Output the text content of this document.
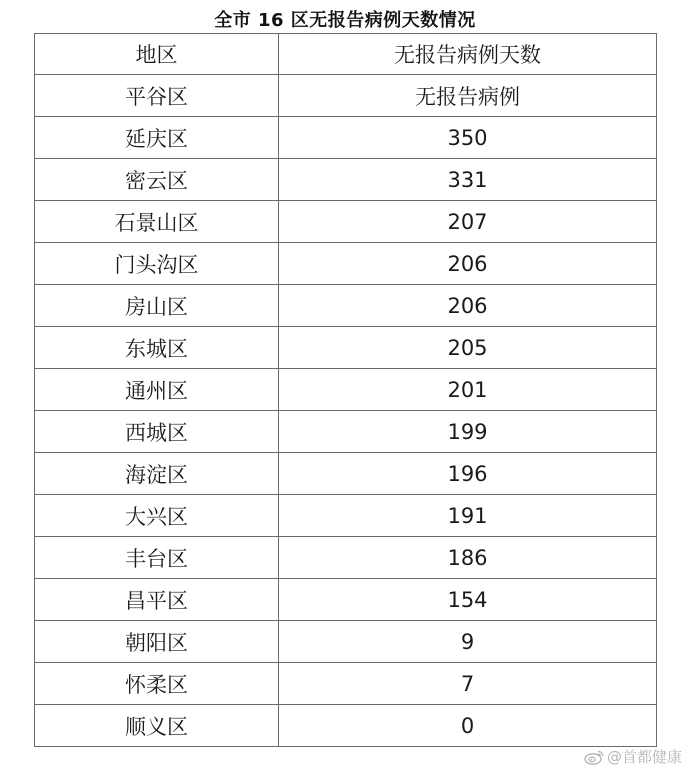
全市 16 区无报告病例天数情况
地区	无报告病例天数
平谷区	无报告病例
延庆区	350
密云区	331
石景山区	207
门头沟区	206
房山区	206
东城区	205
通州区	201
西城区	199
海淀区	196
大兴区	191
丰台区	186
昌平区	154
朝阳区	9
怀柔区	7
顺义区	0
@首都健康
